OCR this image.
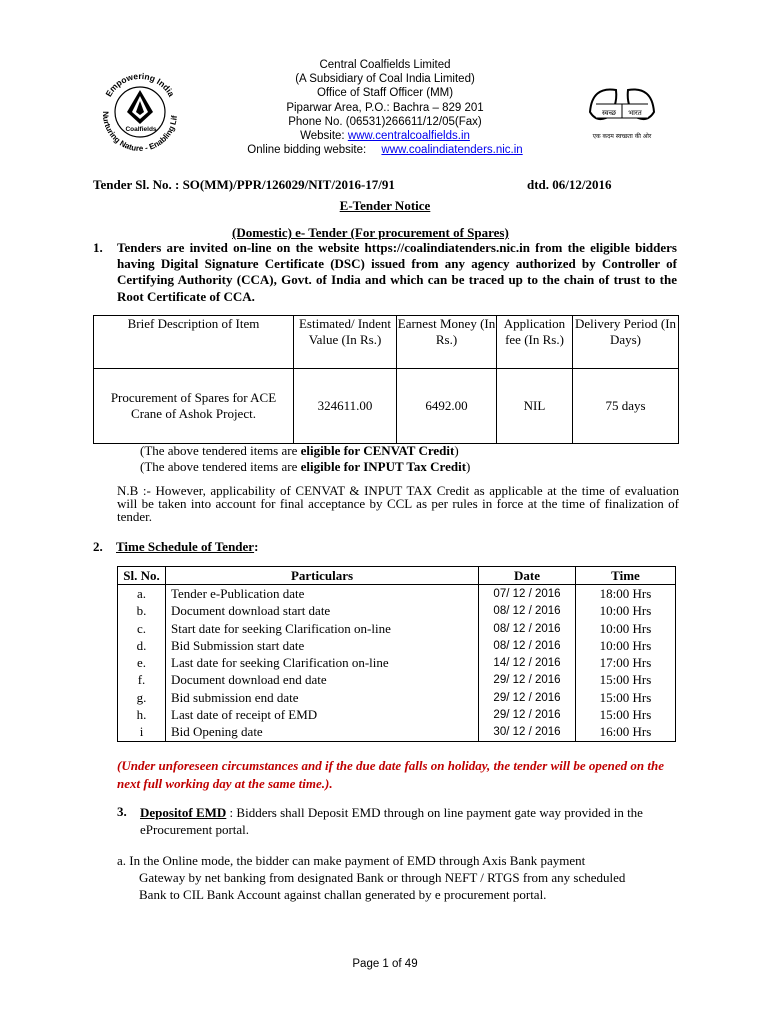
Empowering India
Nurturing Nature - Enabling Lif
Coalfields
स्वच्छ भारत
एक कदम स्वच्छता की ओर
Central Coalfields Limited
(A Subsidiary of Coal India Limited)
Office of Staff Officer (MM)
Piparwar Area, P.O.: Bachra – 829 201
Phone No. (06531)266611/12/05(Fax)
Website: www.centralcoalfields.in
Online bidding website: www.coalindiatenders.nic.in
Tender Sl. No. : SO(MM)/PPR/126029/NIT/2016-17/91	dtd. 06/12/2016
E-Tender Notice
(Domestic) e- Tender (For procurement of Spares)
1. Tenders are invited on-line on the website https://coalindiatenders.nic.in from the eligible bidders having Digital Signature Certificate (DSC) issued from any agency authorized by Controller of Certifying Authority (CCA), Govt. of India and which can be traced up to the chain of trust to the Root Certificate of CCA.
Brief Description of Item	Estimated/ Indent Value (In Rs.)	Earnest Money (In Rs.)	Application fee (In Rs.)	Delivery Period (In Days)
Procurement of Spares for ACE Crane of Ashok Project.	324611.00	6492.00	NIL	75 days
(The above tendered items are eligible for CENVAT Credit)
(The above tendered items are eligible for INPUT Tax Credit)
N.B :- However, applicability of CENVAT & INPUT TAX Credit as applicable at the time of evaluation will be taken into account for final acceptance by CCL as per rules in force at the time of finalization of tender.
2. Time Schedule of Tender:
Sl. No.	Particulars	Date	Time
a.	Tender e-Publication date	07/ 12 / 2016	18:00 Hrs
b.	Document download start date	08/ 12 / 2016	10:00 Hrs
c.	Start date for seeking Clarification on-line	08/ 12 / 2016	10:00 Hrs
d.	Bid Submission start date	08/ 12 / 2016	10:00 Hrs
e.	Last date for seeking Clarification on-line	14/ 12 / 2016	17:00 Hrs
f.	Document download end date	29/ 12 / 2016	15:00 Hrs
g.	Bid submission end date	29/ 12 / 2016	15:00 Hrs
h.	Last date of receipt of EMD	29/ 12 / 2016	15:00 Hrs
i	Bid Opening date	30/ 12 / 2016	16:00 Hrs
(Under unforeseen circumstances and if the due date falls on holiday, the tender will be opened on the next full working day at the same time.).
3. Depositof EMD : Bidders shall Deposit EMD through on line payment gate way provided in the eProcurement portal.
a. In the Online mode, the bidder can make payment of EMD through Axis Bank payment
Gateway by net banking from designated Bank or through NEFT / RTGS from any scheduled
Bank to CIL Bank Account against challan generated by e procurement portal.
Page 1 of 49
